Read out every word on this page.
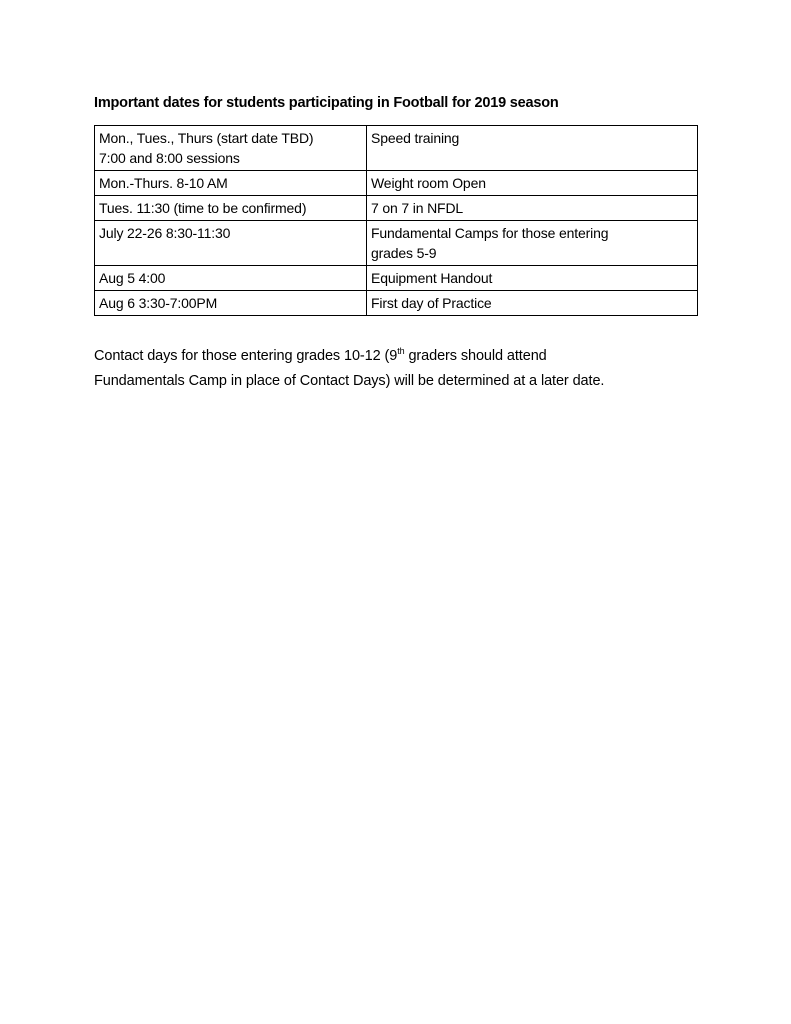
Important dates for students participating in Football for 2019 season
Mon., Tues., Thurs (start date TBD)
7:00 and 8:00 sessions	Speed training
Mon.-Thurs. 8-10 AM	Weight room Open
Tues. 11:30 (time to be confirmed)	7 on 7 in NFDL
July 22-26 8:30-11:30	Fundamental Camps for those entering
grades 5-9
Aug 5 4:00	Equipment Handout
Aug 6 3:30-7:00PM	First day of Practice

Contact days for those entering grades 10-12 (9th graders should attend
Fundamentals Camp in place of Contact Days) will be determined at a later date.
